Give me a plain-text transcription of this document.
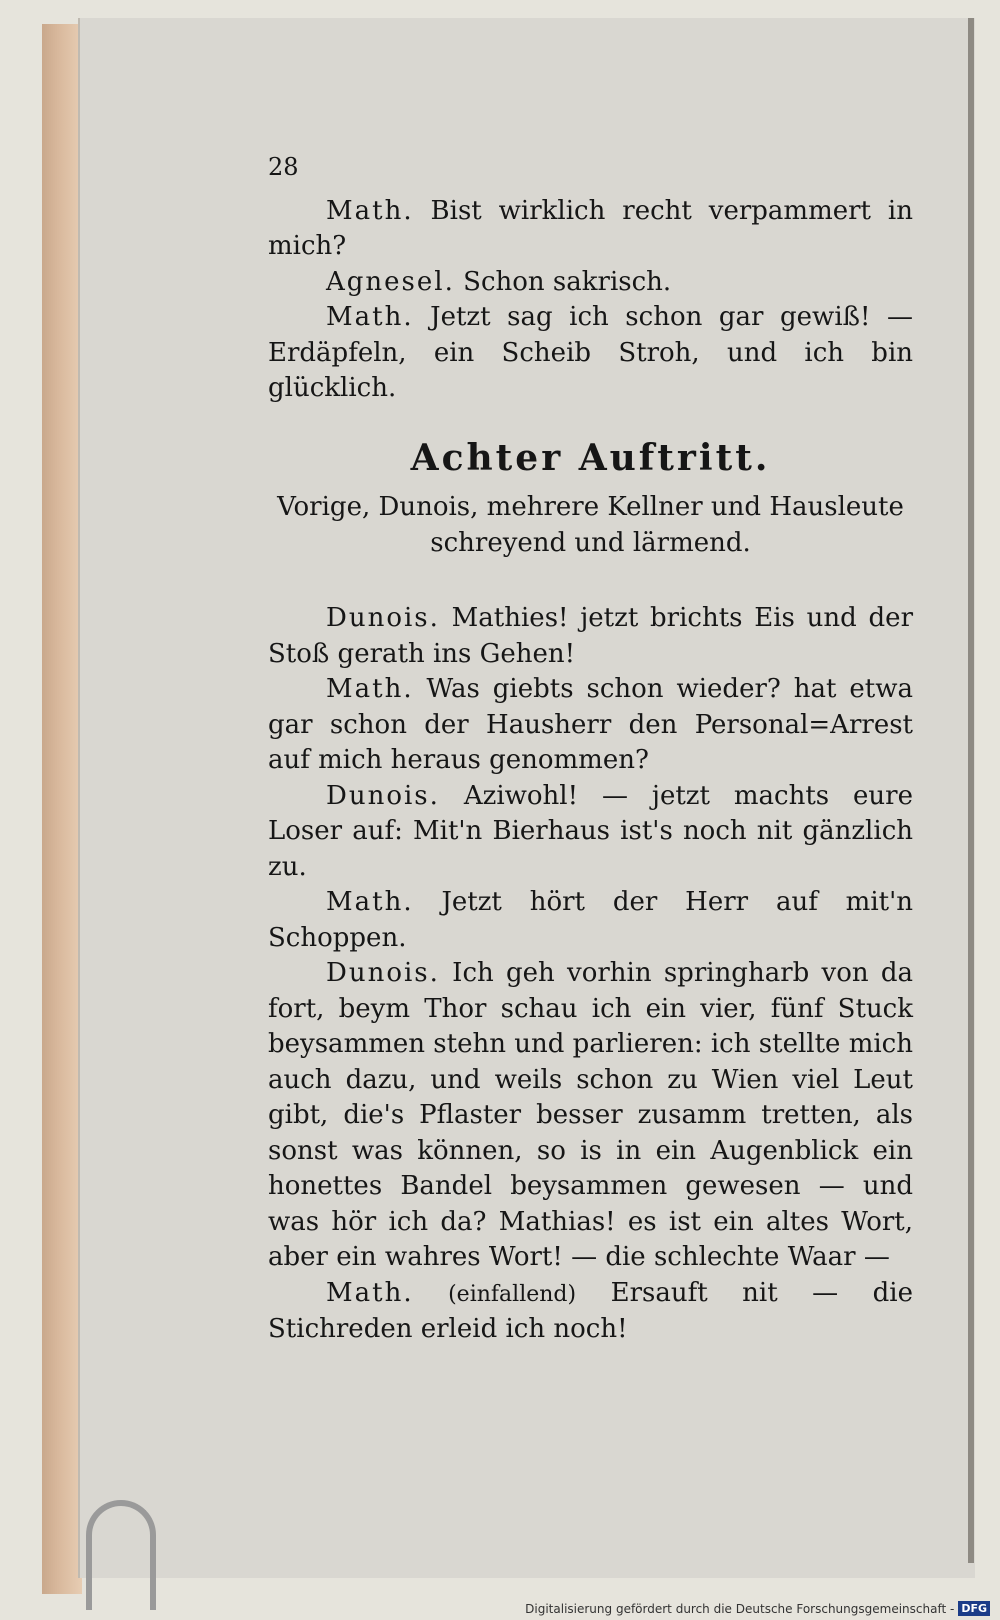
28

Math. Bist wirklich recht verpammert in mich?

Agnesel. Schon sakrisch.

Math. Jetzt sag ich schon gar gewiß! — Erdäpfeln, ein Scheib Stroh, und ich bin glücklich.

Achter Auftritt.

Vorige, Dunois, mehrere Kellner und Hausleute schreyend und lärmend.

Dunois. Mathies! jetzt brichts Eis und der Stoß gerath ins Gehen!

Math. Was giebts schon wieder? hat etwa gar schon der Hausherr den Personal=Arrest auf mich heraus genommen?

Dunois. Aziwohl! — jetzt machts eure Loser auf: Mit'n Bierhaus ist's noch nit gänzlich zu.

Math. Jetzt hört der Herr auf mit'n Schoppen.

Dunois. Ich geh vorhin springharb von da fort, beym Thor schau ich ein vier, fünf Stuck beysammen stehn und parlieren: ich stellte mich auch dazu, und weils schon zu Wien viel Leut gibt, die's Pflaster besser zusamm tretten, als sonst was können, so is in ein Augenblick ein honettes Bandel beysammen gewesen — und was hör ich da? Mathias! es ist ein altes Wort, aber ein wahres Wort! — die schlechte Waar —

Math. (einfallend) Ersauft nit — die Stichreden erleid ich noch!

Digitalisierung gefördert durch die Deutsche Forschungsgemeinschaft - DFG
